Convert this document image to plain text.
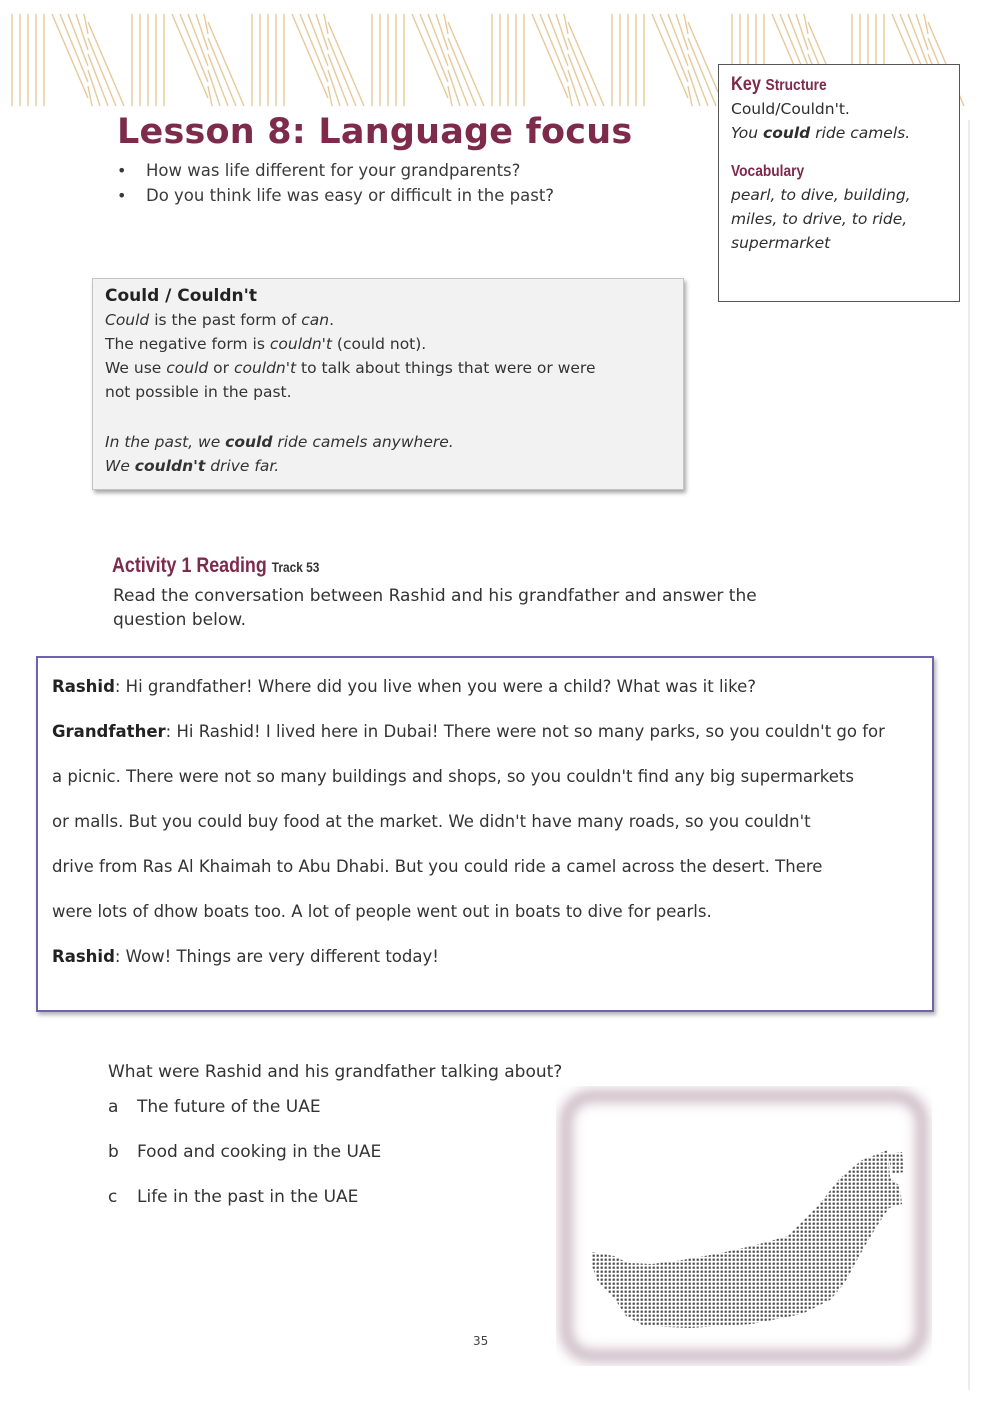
Lesson 8: Language focus
• How was life different for your grandparents?
• Do you think life was easy or difficult in the past?
Key Structure
Could/Couldn't.
You could ride camels.
Vocabulary
pearl, to dive, building,
miles, to drive, to ride,
supermarket
Could / Couldn't
Could is the past form of can.
The negative form is couldn't (could not).
We use could or couldn't to talk about things that were or were
not possible in the past.
In the past, we could ride camels anywhere.
We couldn't drive far.
Activity 1 Reading Track 53

Read the conversation between Rashid and his grandfather and answer the question below.

Rashid: Hi grandfather! Where did you live when you were a child? What was it like?
Grandfather: Hi Rashid! I lived here in Dubai! There were not so many parks, so you couldn't go for
a picnic. There were not so many buildings and shops, so you couldn't find any big supermarkets
or malls. But you could buy food at the market. We didn't have many roads, so you couldn't
drive from Ras Al Khaimah to Abu Dhabi. But you could ride a camel across the desert. There
were lots of dhow boats too. A lot of people went out in boats to dive for pearls.
Rashid: Wow! Things are very different today!

What were Rashid and his grandfather talking about?

a The future of the UAE
b Food and cooking in the UAE
c Life in the past in the UAE
35
